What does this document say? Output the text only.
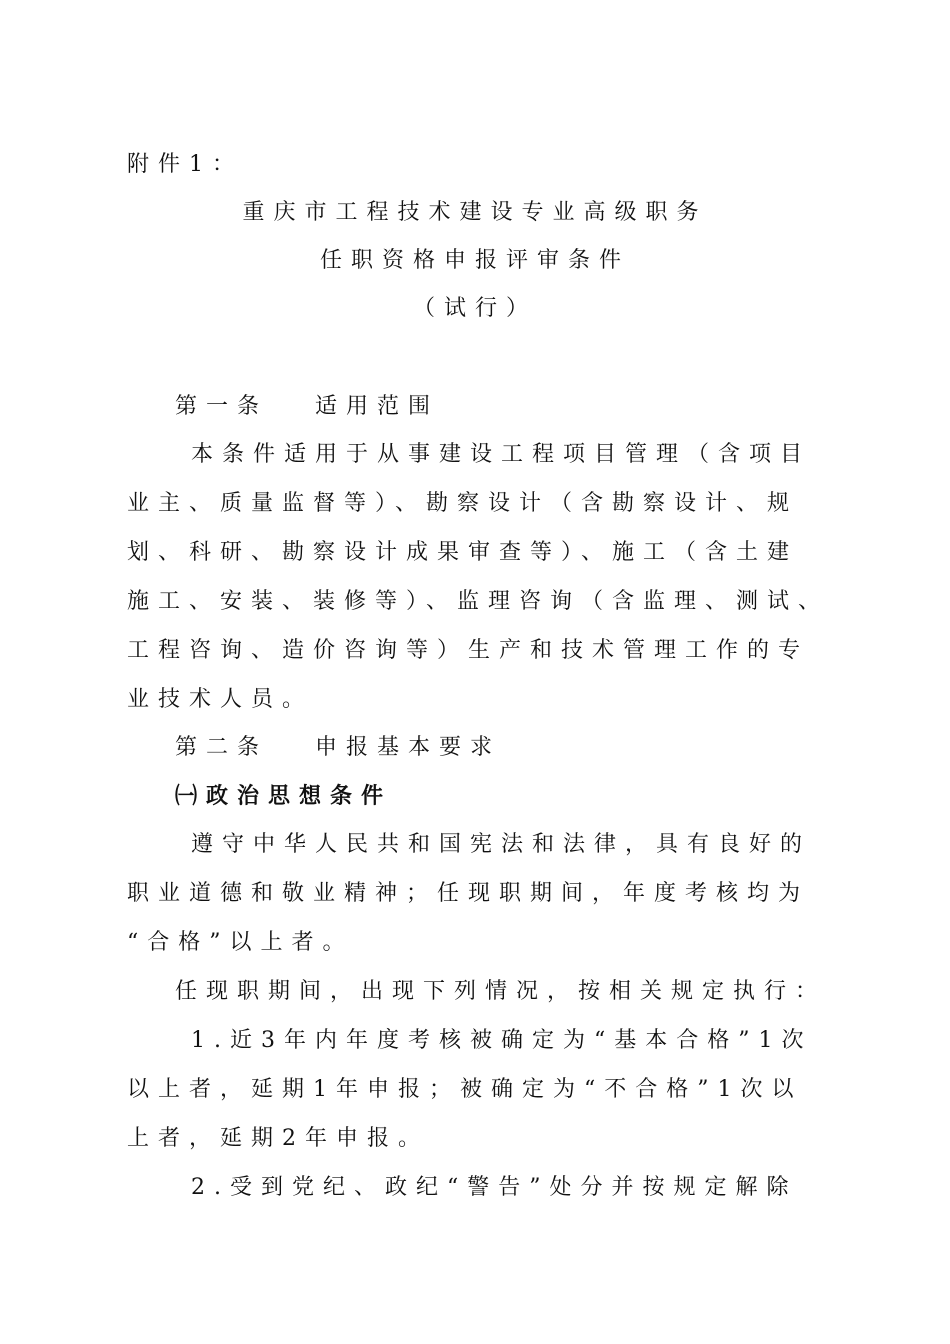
附件1：
重庆市工程技术建设专业高级职务
任职资格申报评审条件
（试行）
第一条　 适用范围
本条件适用于从事建设工程项目管理（含项目
业主、质量监督等）、勘察设计（含勘察设计、规
划、科研、勘察设计成果审查等）、施工（含土建
施工、安装、装修等）、监理咨询（含监理、测试、
工程咨询、造价咨询等）生产和技术管理工作的专
业技术人员。
第二条　 申报基本要求
㈠政治思想条件
遵守中华人民共和国宪法和法律，具有良好的
职业道德和敬业精神；任现职期间，年度考核均为
“合格”以上者。
任现职期间，出现下列情况，按相关规定执行：
1.近3年内年度考核被确定为“基本合格”1次
以上者，延期1年申报；被确定为“不合格”1次以
上者，延期2年申报。
2.受到党纪、政纪“警告”处分并按规定解除
